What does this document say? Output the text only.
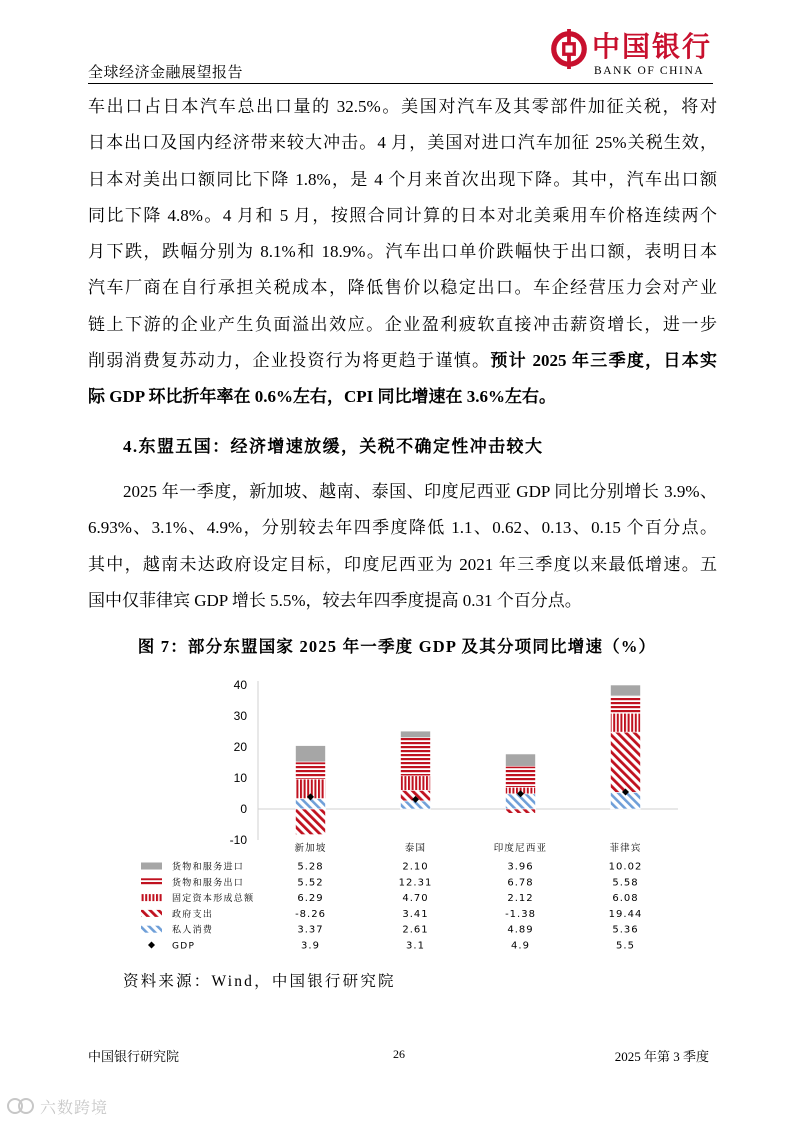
全球经济金融展望报告
中国银行
BANK OF CHINA
车出口占日本汽车总出口量的 32.5%。美国对汽车及其零部件加征关税，将对
日本出口及国内经济带来较大冲击。4 月，美国对进口汽车加征 25%关税生效，
日本对美出口额同比下降 1.8%，是 4 个月来首次出现下降。其中，汽车出口额
同比下降 4.8%。4 月和 5 月，按照合同计算的日本对北美乘用车价格连续两个
月下跌，跌幅分别为 8.1%和 18.9%。汽车出口单价跌幅快于出口额，表明日本
汽车厂商在自行承担关税成本，降低售价以稳定出口。车企经营压力会对产业
链上下游的企业产生负面溢出效应。企业盈利疲软直接冲击薪资增长，进一步
削弱消费复苏动力，企业投资行为将更趋于谨慎。预计 2025 年三季度，日本实
际 GDP 环比折年率在 0.6%左右，CPI 同比增速在 3.6%左右。
4.东盟五国：经济增速放缓，关税不确定性冲击较大
2025 年一季度，新加坡、越南、泰国、印度尼西亚 GDP 同比分别增长 3.9%、
6.93%、3.1%、4.9%，分别较去年四季度降低 1.1、0.62、0.13、0.15 个百分点。
其中，越南未达政府设定目标，印度尼西亚为 2021 年三季度以来最低增速。五
国中仅菲律宾 GDP 增长 5.5%，较去年四季度提高 0.31 个百分点。
图 7：部分东盟国家 2025 年一季度 GDP 及其分项同比增速（%）
-10
0
10
20
30
40
新加坡	泰国	印度尼西亚	菲律宾
货物和服务进口	5.28	2.10	3.96	10.02
货物和服务出口	5.52	12.31	6.78	5.58
固定资本形成总额	6.29	4.70	2.12	6.08
政府支出	-8.26	3.41	-1.38	19.44
私人消费	3.37	2.61	4.89	5.36
GDP	3.9	3.1	4.9	5.5
资料来源：Wind，中国银行研究院
中国银行研究院	26	2025 年第 3 季度
六数跨境
